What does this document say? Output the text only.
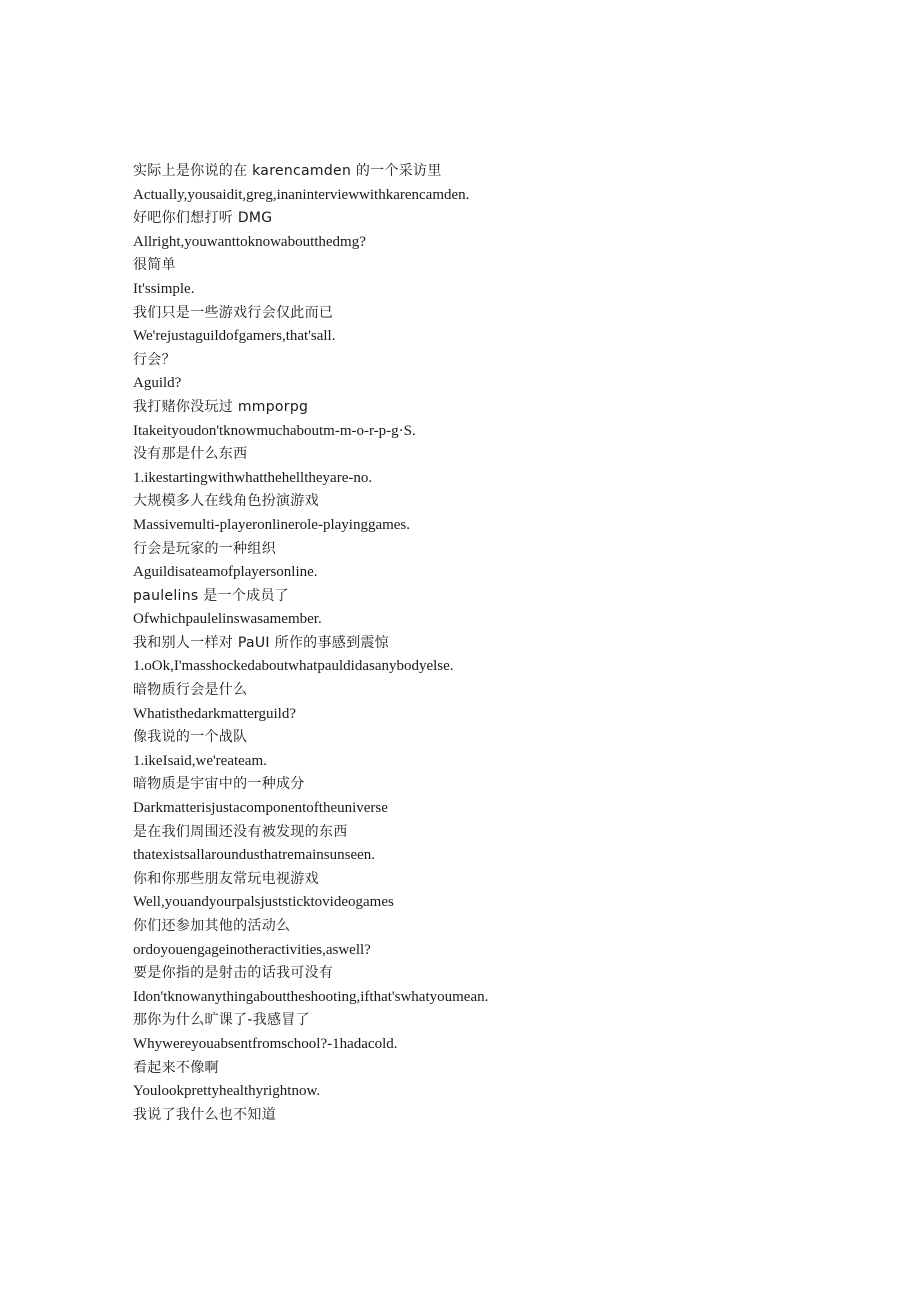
实际上是你说的在 karencamden 的一个采访里
Actually,yousaidit,greg,inaninterviewwithkarencamden.
好吧你们想打听 DMG
Allright,youwanttoknowaboutthedmg?
很简单
It'ssimple.
我们只是一些游戏行会仅此而已
We'rejustaguildofgamers,that'sall.
行会？
Aguild?
我打赌你没玩过 mmporpg
Itakeityoudon'tknowmuchaboutm-m-o-r-p-g·S.
没有那是什么东西
1.ikestartingwithwhatthehelltheyare-no.
大规模多人在线角色扮演游戏
Massivemulti-playeronlinerole-playinggames.
行会是玩家的一种组织
Aguildisateamofplayersonline.
paulelins 是一个成员了
Ofwhichpaulelinswasamember.
我和别人一样对 PaUI 所作的事感到震惊
1.oOk,I'masshockedaboutwhatpauldidasanybodyelse.
暗物质行会是什么
Whatisthedarkmatterguild?
像我说的一个战队
1.ikeIsaid,we'reateam.
暗物质是宇宙中的一种成分
Darkmatterisjustacomponentoftheuniverse
是在我们周围还没有被发现的东西
thatexistsallaroundusthatremainsunseen.
你和你那些朋友常玩电视游戏
Well,youandyourpalsjuststicktovideogames
你们还参加其他的活动么
ordoyouengageinotheractivities,aswell?
要是你指的是射击的话我可没有
Idon'tknowanythingabouttheshooting,ifthat'swhatyoumean.
那你为什么旷课了-我感冒了
Whywereyouabsentfromschool?-1hadacold.
看起来不像啊
Youlookprettyhealthyrightnow.
我说了我什么也不知道
